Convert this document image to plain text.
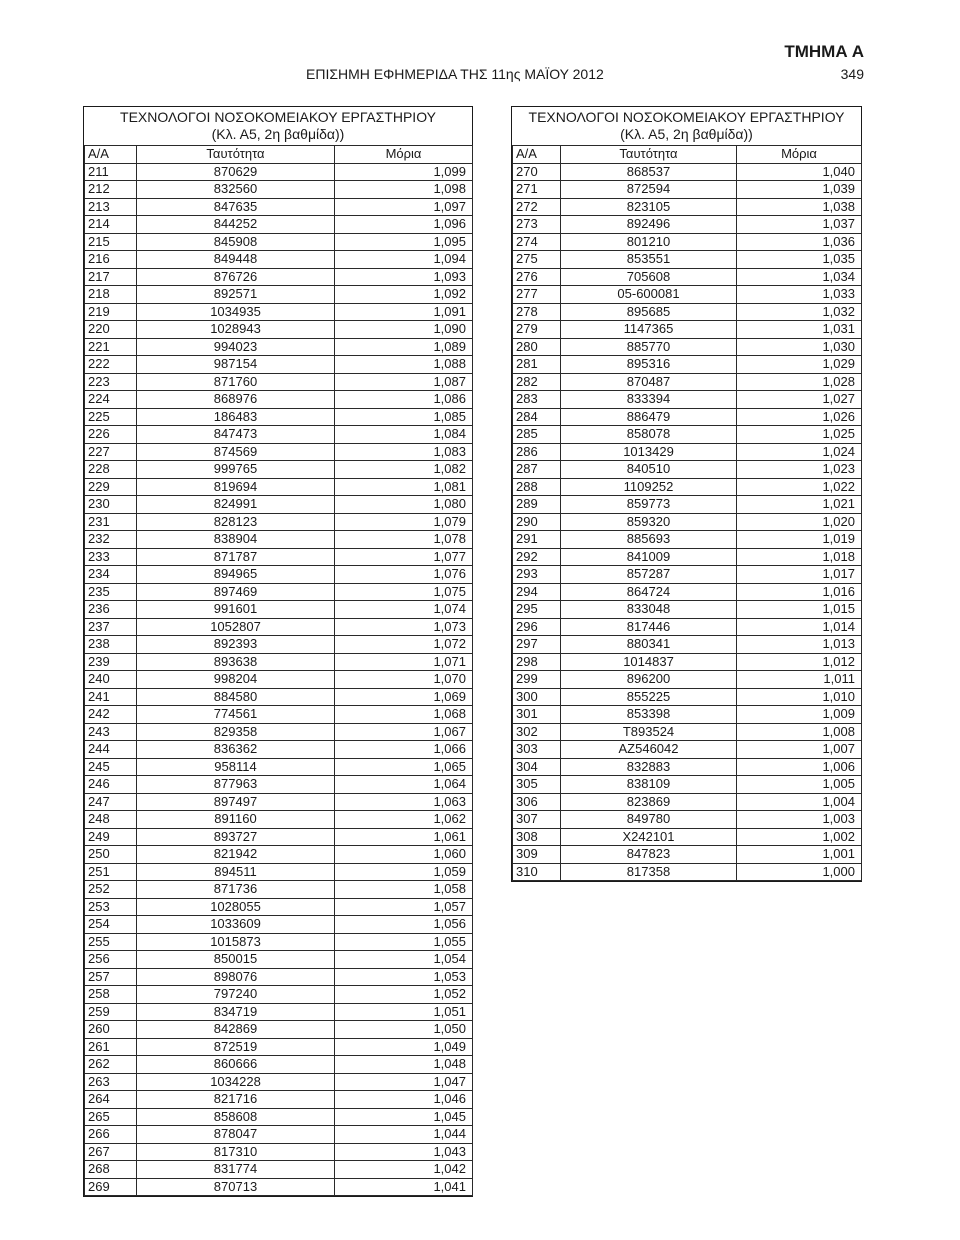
ΤΜΗΜΑ Α
ΕΠΙΣΗΜΗ ΕΦΗΜΕΡΙΔΑ ΤΗΣ 11ης ΜΑΪΟΥ 2012	349
ΤΕΧΝΟΛΟΓΟΙ ΝΟΣΟΚΟΜΕΙΑΚΟΥ ΕΡΓΑΣΤΗΡΙΟΥ
(Κλ. Α5, 2η βαθμίδα))
Α/Α	Ταυτότητα	Μόρια
211	870629	1,099
212	832560	1,098
213	847635	1,097
214	844252	1,096
215	845908	1,095
216	849448	1,094
217	876726	1,093
218	892571	1,092
219	1034935	1,091
220	1028943	1,090
221	994023	1,089
222	987154	1,088
223	871760	1,087
224	868976	1,086
225	186483	1,085
226	847473	1,084
227	874569	1,083
228	999765	1,082
229	819694	1,081
230	824991	1,080
231	828123	1,079
232	838904	1,078
233	871787	1,077
234	894965	1,076
235	897469	1,075
236	991601	1,074
237	1052807	1,073
238	892393	1,072
239	893638	1,071
240	998204	1,070
241	884580	1,069
242	774561	1,068
243	829358	1,067
244	836362	1,066
245	958114	1,065
246	877963	1,064
247	897497	1,063
248	891160	1,062
249	893727	1,061
250	821942	1,060
251	894511	1,059
252	871736	1,058
253	1028055	1,057
254	1033609	1,056
255	1015873	1,055
256	850015	1,054
257	898076	1,053
258	797240	1,052
259	834719	1,051
260	842869	1,050
261	872519	1,049
262	860666	1,048
263	1034228	1,047
264	821716	1,046
265	858608	1,045
266	878047	1,044
267	817310	1,043
268	831774	1,042
269	870713	1,041
ΤΕΧΝΟΛΟΓΟΙ ΝΟΣΟΚΟΜΕΙΑΚΟΥ ΕΡΓΑΣΤΗΡΙΟΥ
(Κλ. Α5, 2η βαθμίδα))
Α/Α	Ταυτότητα	Μόρια
270	868537	1,040
271	872594	1,039
272	823105	1,038
273	892496	1,037
274	801210	1,036
275	853551	1,035
276	705608	1,034
277	05-600081	1,033
278	895685	1,032
279	1147365	1,031
280	885770	1,030
281	895316	1,029
282	870487	1,028
283	833394	1,027
284	886479	1,026
285	858078	1,025
286	1013429	1,024
287	840510	1,023
288	1109252	1,022
289	859773	1,021
290	859320	1,020
291	885693	1,019
292	841009	1,018
293	857287	1,017
294	864724	1,016
295	833048	1,015
296	817446	1,014
297	880341	1,013
298	1014837	1,012
299	896200	1,011
300	855225	1,010
301	853398	1,009
302	T893524	1,008
303	ΑΖ546042	1,007
304	832883	1,006
305	838109	1,005
306	823869	1,004
307	849780	1,003
308	X242101	1,002
309	847823	1,001
310	817358	1,000
